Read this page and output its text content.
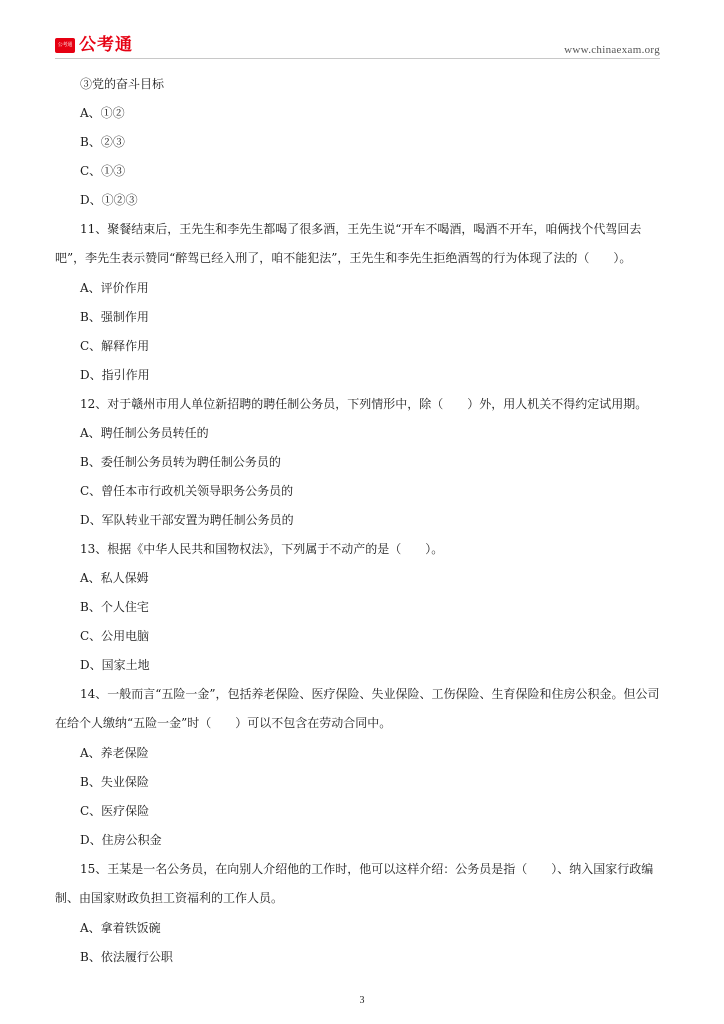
公考通 公考通	www.chinaexam.org
③党的奋斗目标
A、①②
B、②③
C、①③
D、①②③
11、聚餐结束后，王先生和李先生都喝了很多酒，王先生说“开车不喝酒，喝酒不开车，咱俩找个代驾回去吧”，李先生表示赞同“醉驾已经入刑了，咱不能犯法”，王先生和李先生拒绝酒驾的行为体现了法的（　　）。
A、评价作用
B、强制作用
C、解释作用
D、指引作用
12、对于赣州市用人单位新招聘的聘任制公务员，下列情形中，除（　　）外，用人机关不得约定试用期。
A、聘任制公务员转任的
B、委任制公务员转为聘任制公务员的
C、曾任本市行政机关领导职务公务员的
D、军队转业干部安置为聘任制公务员的
13、根据《中华人民共和国物权法》，下列属于不动产的是（　　）。
A、私人保姆
B、个人住宅
C、公用电脑
D、国家土地
14、一般而言“五险一金”，包括养老保险、医疗保险、失业保险、工伤保险、生育保险和住房公积金。但公司在给个人缴纳“五险一金”时（　　）可以不包含在劳动合同中。
A、养老保险
B、失业保险
C、医疗保险
D、住房公积金
15、王某是一名公务员，在向别人介绍他的工作时，他可以这样介绍：公务员是指（　　）、纳入国家行政编制、由国家财政负担工资福利的工作人员。
A、拿着铁饭碗
B、依法履行公职
3
